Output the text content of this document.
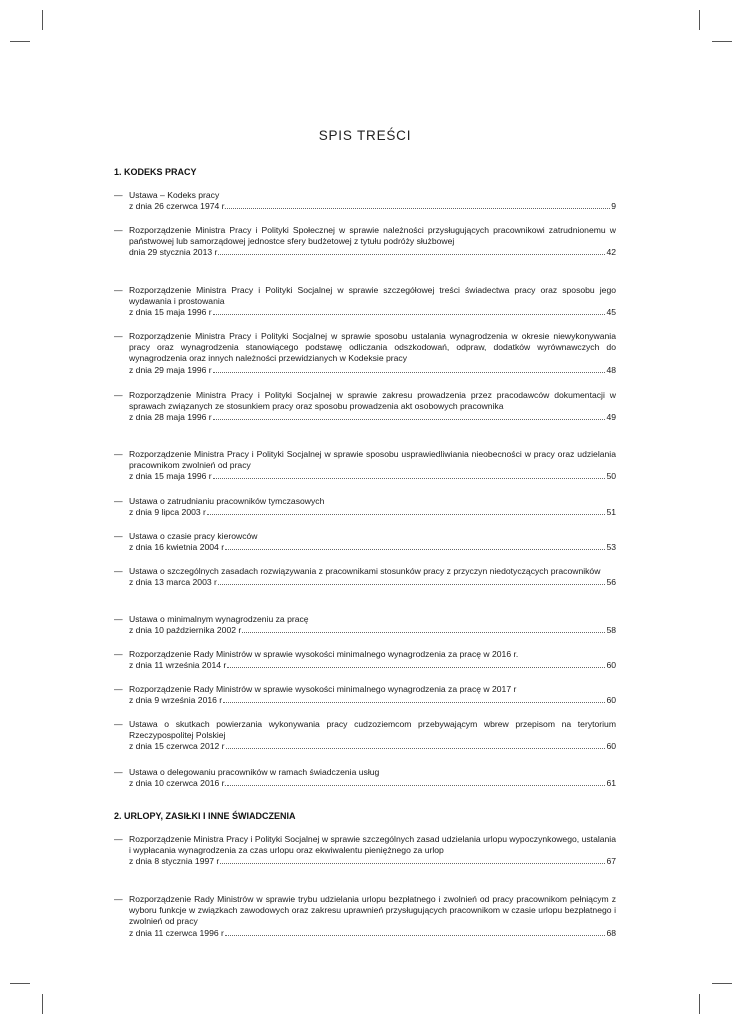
SPIS TREŚCI
1. KODEKS PRACY
— Ustawa – Kodeks pracy
z dnia 26 czerwca 1974 r.	9
— Rozporządzenie Ministra Pracy i Polityki Społecznej w sprawie należności przysługujących pracownikowi zatrudnionemu w państwowej lub samorządowej jednostce sfery budżetowej z tytułu podróży służbowej
dnia 29 stycznia 2013 r	42
— Rozporządzenie Ministra Pracy i Polityki Socjalnej w sprawie szczegółowej treści świadectwa pracy oraz sposobu jego wydawania i prostowania
z dnia 15 maja 1996 r	45
— Rozporządzenie Ministra Pracy i Polityki Socjalnej w sprawie sposobu ustalania wynagrodzenia w okresie niewykonywania pracy oraz wynagrodzenia stanowiącego podstawę odliczania odszkodowań, odpraw, dodatków wyrównawczych do wynagrodzenia oraz innych należności przewidzianych w Kodeksie pracy
z dnia 29 maja 1996 r	48
— Rozporządzenie Ministra Pracy i Polityki Socjalnej w sprawie zakresu prowadzenia przez pracodawców dokumentacji w sprawach związanych ze stosunkiem pracy oraz sposobu prowadzenia akt osobowych pracownika
z dnia 28 maja 1996 r	49
— Rozporządzenie Ministra Pracy i Polityki Socjalnej w sprawie sposobu usprawiedliwiania nieobecności w pracy oraz udzielania pracownikom zwolnień od pracy
z dnia 15 maja 1996 r	50
— Ustawa o zatrudnianiu pracowników tymczasowych
z dnia 9 lipca 2003 r	51
— Ustawa o czasie pracy kierowców
z dnia 16 kwietnia 2004 r	53
— Ustawa o szczególnych zasadach rozwiązywania z pracownikami stosunków pracy z przyczyn niedotyczących pracowników
z dnia 13 marca 2003 r	56
— Ustawa o minimalnym wynagrodzeniu za pracę
z dnia 10 października 2002 r	58
— Rozporządzenie Rady Ministrów w sprawie wysokości minimalnego wynagrodzenia za pracę w 2016 r.
z dnia 11 września 2014 r	60
— Rozporządzenie Rady Ministrów w sprawie wysokości minimalnego wynagrodzenia za pracę w 2017 r
z dnia 9 września 2016 r	60
— Ustawa o skutkach powierzania wykonywania pracy cudzoziemcom przebywającym wbrew przepisom na terytorium Rzeczypospolitej Polskiej
z dnia 15 czerwca 2012 r	60
— Ustawa o delegowaniu pracowników w ramach świadczenia usług
z dnia 10 czerwca 2016 r.	61
2. URLOPY, ZASIŁKI I INNE ŚWIADCZENIA
— Rozporządzenie Ministra Pracy i Polityki Socjalnej w sprawie szczególnych zasad udzielania urlopu wypoczynkowego, ustalania i wypłacania wynagrodzenia za czas urlopu oraz ekwiwalentu pieniężnego za urlop
z dnia 8 stycznia 1997 r	67
— Rozporządzenie Rady Ministrów w sprawie trybu udzielania urlopu bezpłatnego i zwolnień od pracy pracownikom pełniącym z wyboru funkcje w związkach zawodowych oraz zakresu uprawnień przysługujących pracownikom w czasie urlopu bezpłatnego i zwolnień od pracy
z dnia 11 czerwca 1996 r	68
